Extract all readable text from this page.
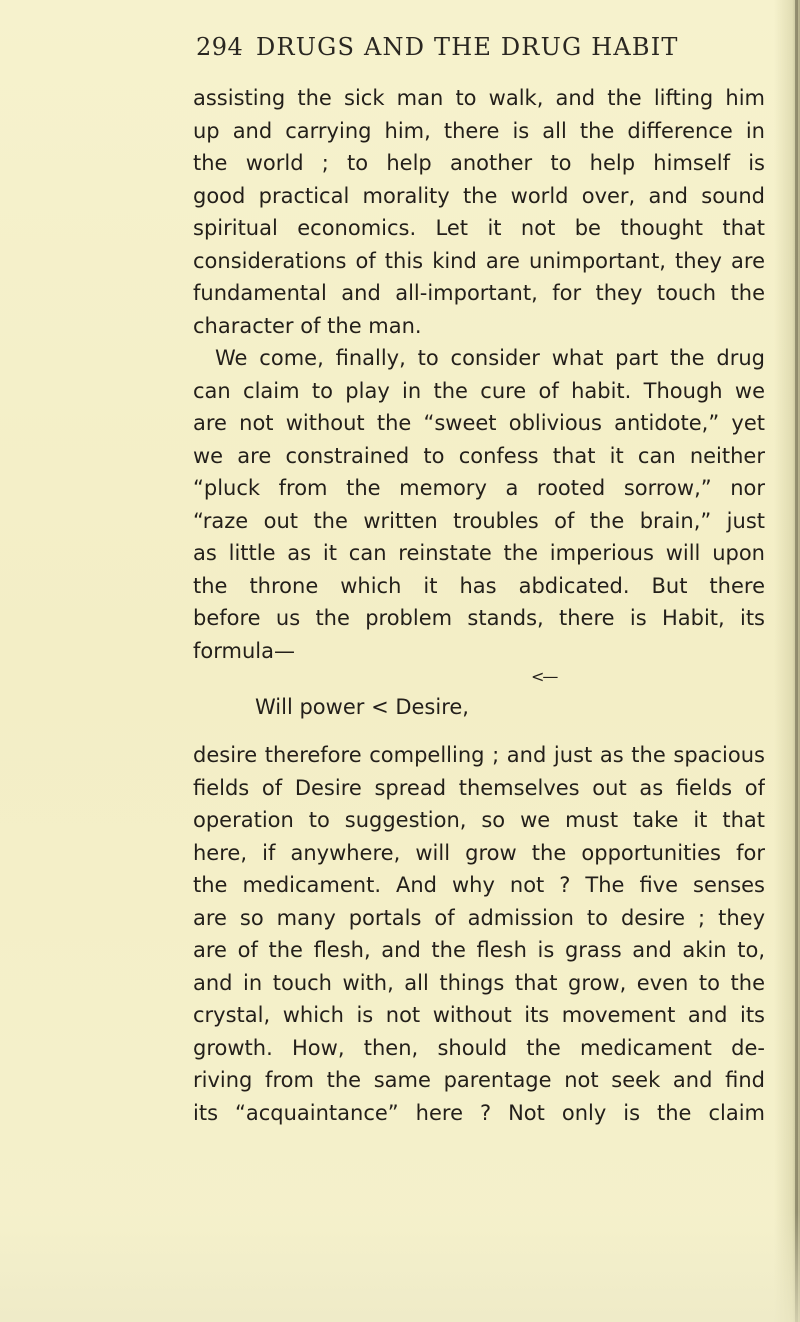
294 DRUGS AND THE DRUG HABIT
assisting the sick man to walk, and the lifting him
up and carrying him, there is all the difference in
the world ; to help another to help himself is
good practical morality the world over, and sound
spiritual economics. Let it not be thought that
considerations of this kind are unimportant, they are
fundamental and all-important, for they touch the
character of the man.
We come, finally, to consider what part the drug
can claim to play in the cure of habit. Though we
are not without the “sweet oblivious antidote,” yet
we are constrained to confess that it can neither
“pluck from the memory a rooted sorrow,” nor
“raze out the written troubles of the brain,” just
as little as it can reinstate the imperious will upon
the throne which it has abdicated. But there
before us the problem stands, there is Habit, its
formula—
<—
Will power < Desire,
desire therefore compelling ; and just as the spacious
fields of Desire spread themselves out as fields of
operation to suggestion, so we must take it that
here, if anywhere, will grow the opportunities for
the medicament. And why not ? The five senses
are so many portals of admission to desire ; they
are of the flesh, and the flesh is grass and akin to,
and in touch with, all things that grow, even to the
crystal, which is not without its movement and its
growth. How, then, should the medicament de-
riving from the same parentage not seek and find
its “acquaintance” here ? Not only is the claim
